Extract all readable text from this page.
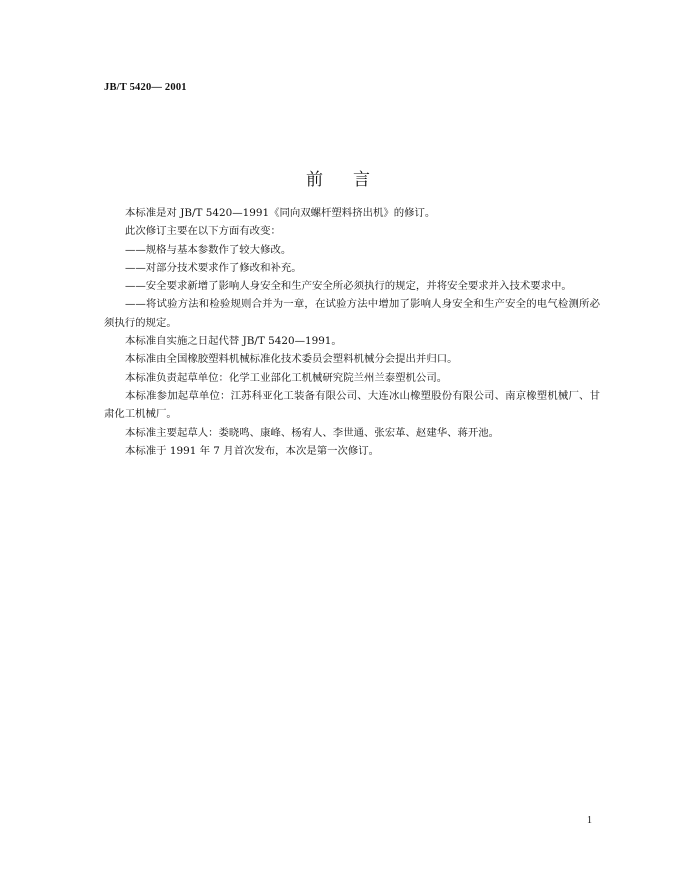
JB/T 5420— 2001
前言

本标准是对 JB/T 5420—1991《同向双螺杆塑料挤出机》的修订。

此次修订主要在以下方面有改变：

——规格与基本参数作了较大修改。

——对部分技术要求作了修改和补充。

——安全要求新增了影响人身安全和生产安全所必须执行的规定，并将安全要求并入技术要求中。

——将试验方法和检验规则合并为一章，在试验方法中增加了影响人身安全和生产安全的电气检测所必须执行的规定。

本标准自实施之日起代替 JB/T 5420—1991。

本标准由全国橡胶塑料机械标准化技术委员会塑料机械分会提出并归口。

本标准负责起草单位：化学工业部化工机械研究院兰州兰泰塑机公司。

本标准参加起草单位：江苏科亚化工装备有限公司、大连冰山橡塑股份有限公司、南京橡塑机械厂、甘肃化工机械厂。

本标准主要起草人：娄晓鸣、康峰、杨宥人、李世通、张宏革、赵建华、蒋开池。

本标准于 1991 年 7 月首次发布，本次是第一次修订。

1
